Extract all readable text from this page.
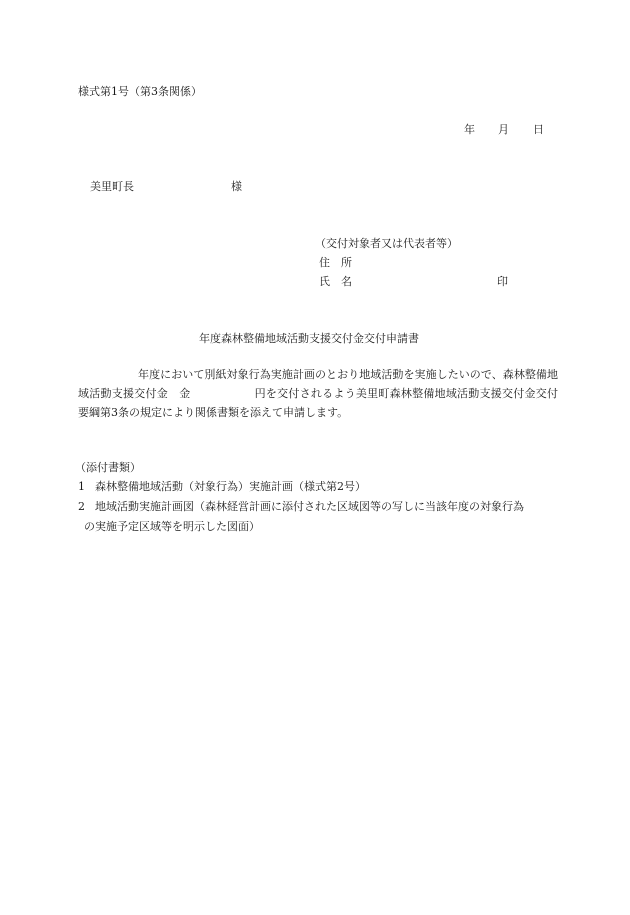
様式第1号（第3条関係）
年 月 日
美里町長	様
（交付対象者又は代表者等）
住　所
氏　名	印
年度森林整備地域活動支援交付金交付申請書
年度において別紙対象行為実施計画のとおり地域活動を実施したいので、森林整備地域活動支援交付金　金	円を交付されるよう美里町森林整備地域活動支援交付金交付要綱第3条の規定により関係書類を添えて申請します。
（添付書類）
1 森林整備地域活動（対象行為）実施計画（様式第2号）
2 地域活動実施計画図（森林経営計画に添付された区域図等の写しに当該年度の対象行為
の実施予定区域等を明示した図面）
